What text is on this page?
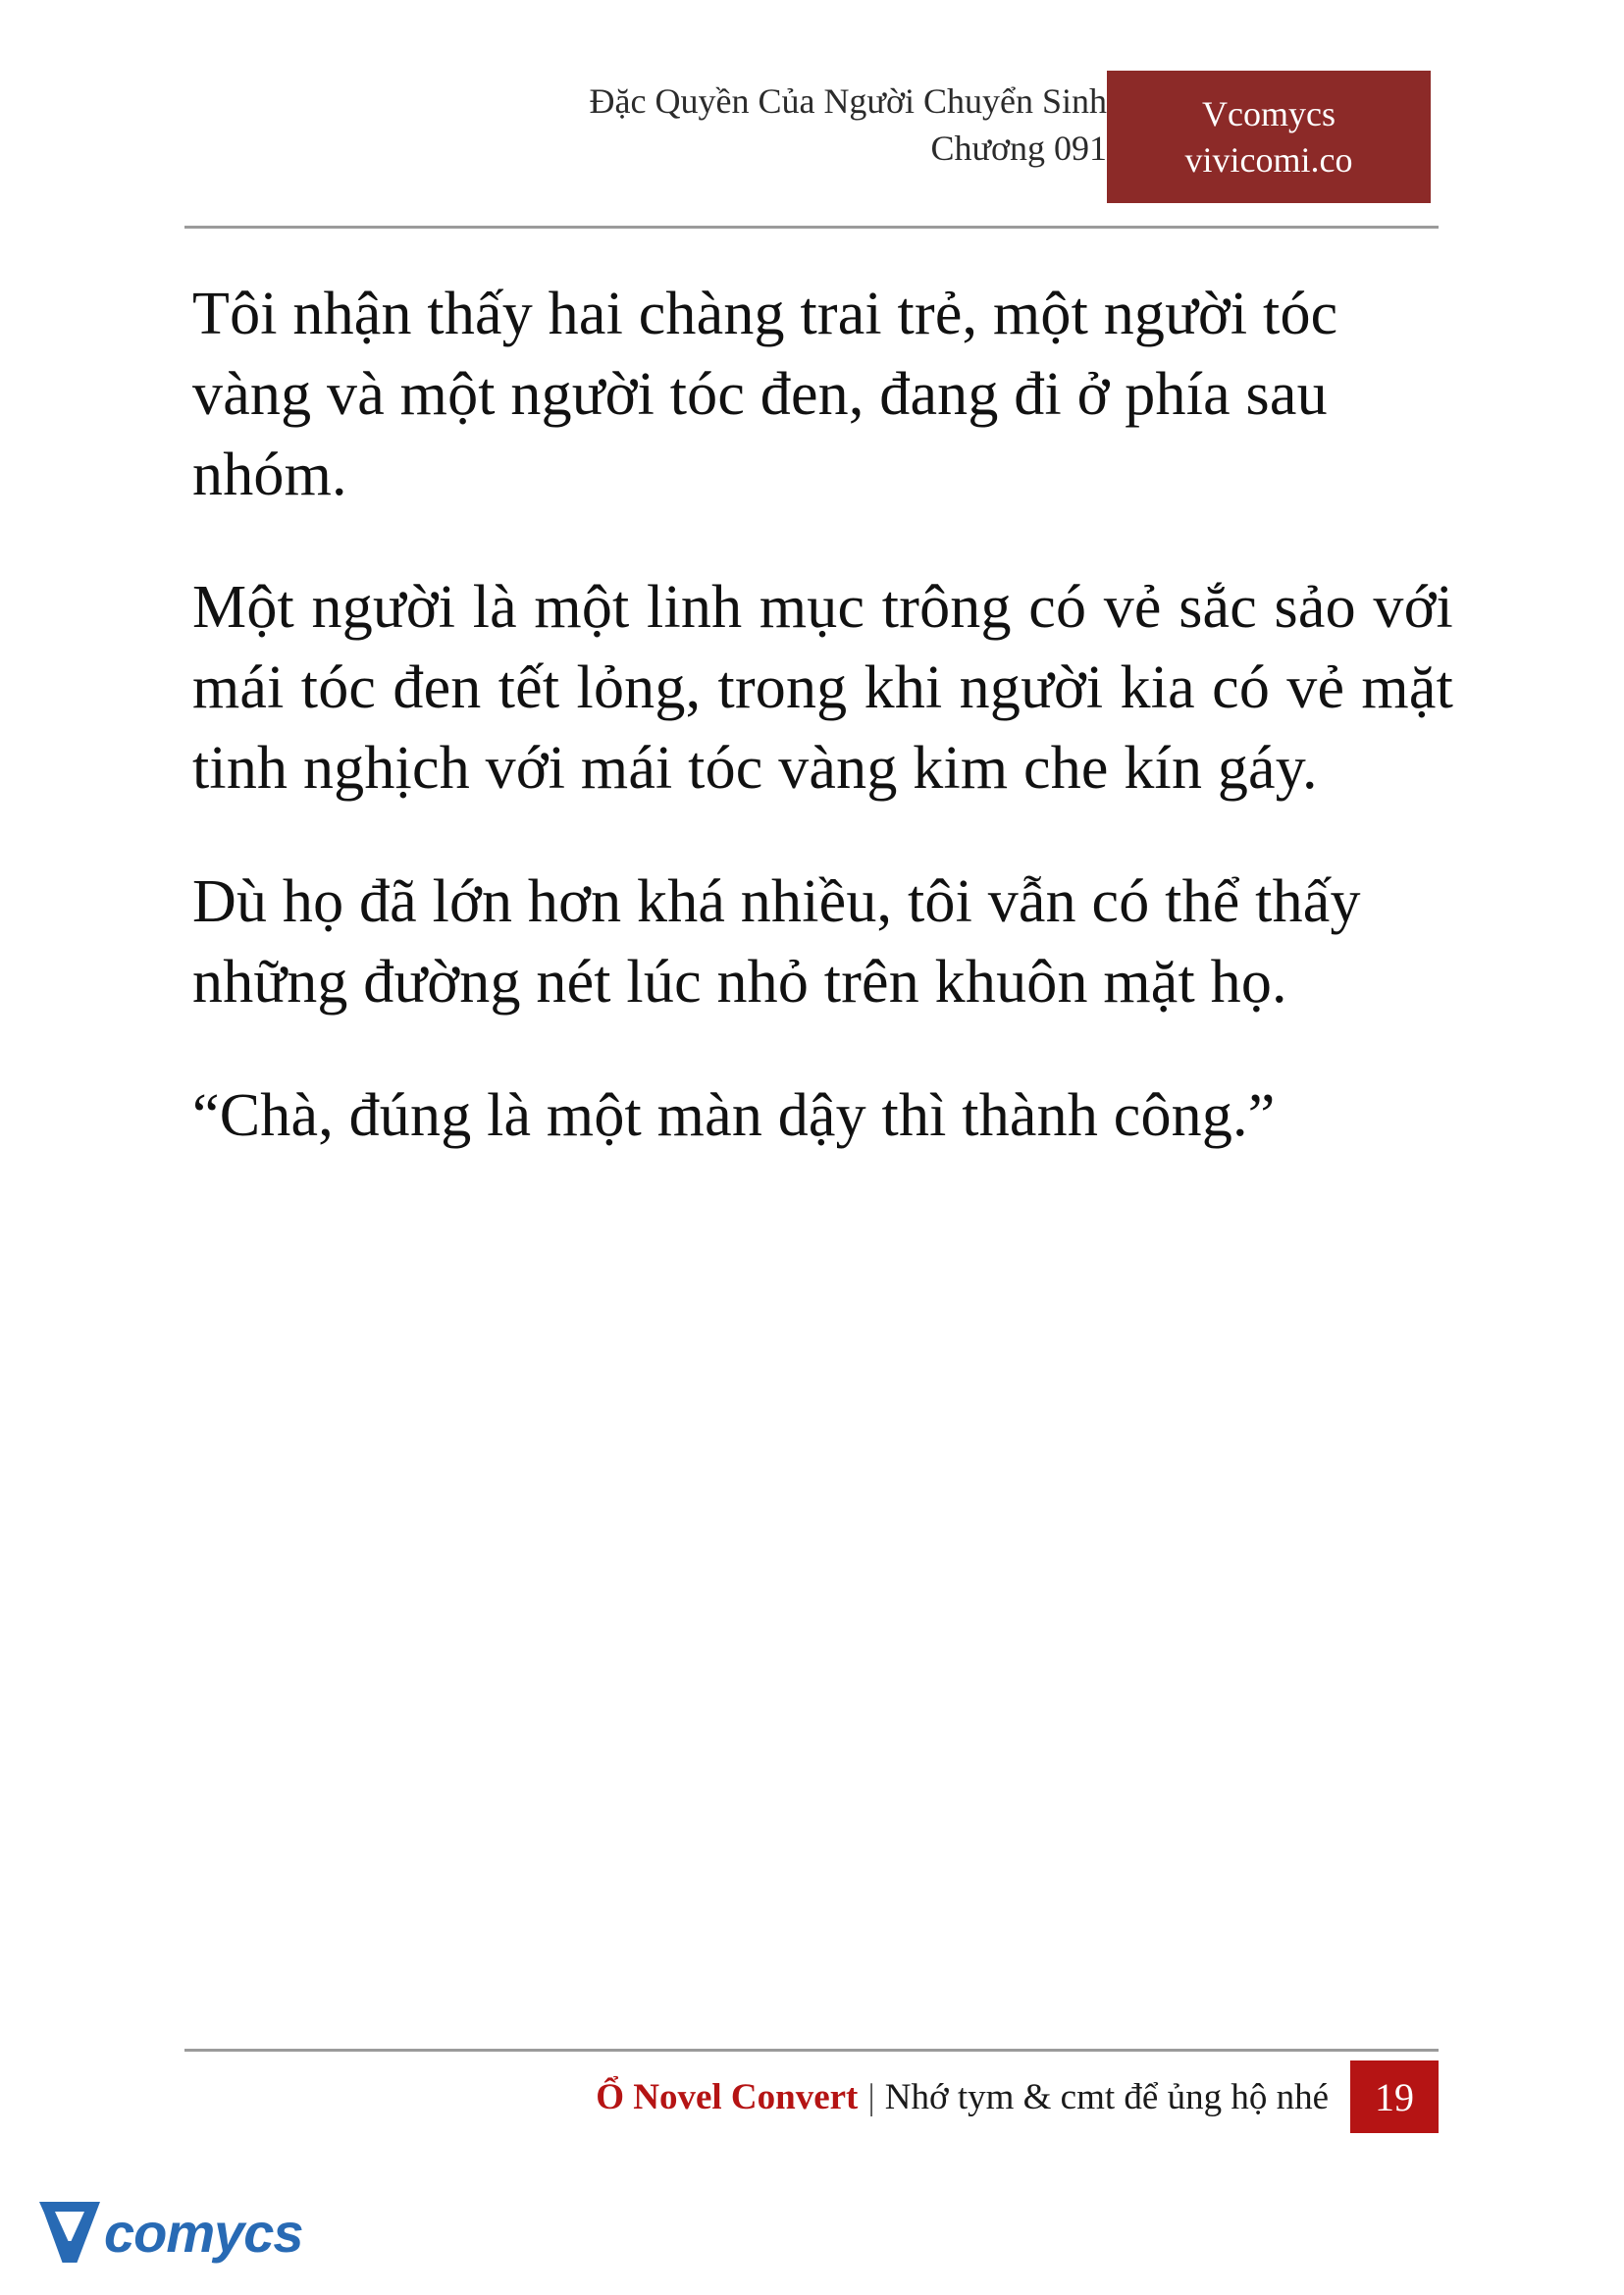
Đặc Quyền Của Người Chuyển Sinh
Chương 091
Vcomycs
vivicomi.co

Tôi nhận thấy hai chàng trai trẻ, một người tóc vàng và một người tóc đen, đang đi ở phía sau nhóm.

Một người là một linh mục trông có vẻ sắc sảo với mái tóc đen tết lỏng, trong khi người kia có vẻ mặt tinh nghịch với mái tóc vàng kim che kín gáy.

Dù họ đã lớn hơn khá nhiều, tôi vẫn có thể thấy những đường nét lúc nhỏ trên khuôn mặt họ.

“Chà, đúng là một màn dậy thì thành công.”

Ổ Novel Convert | Nhớ tym & cmt để ủng hộ nhé	19
comycs
